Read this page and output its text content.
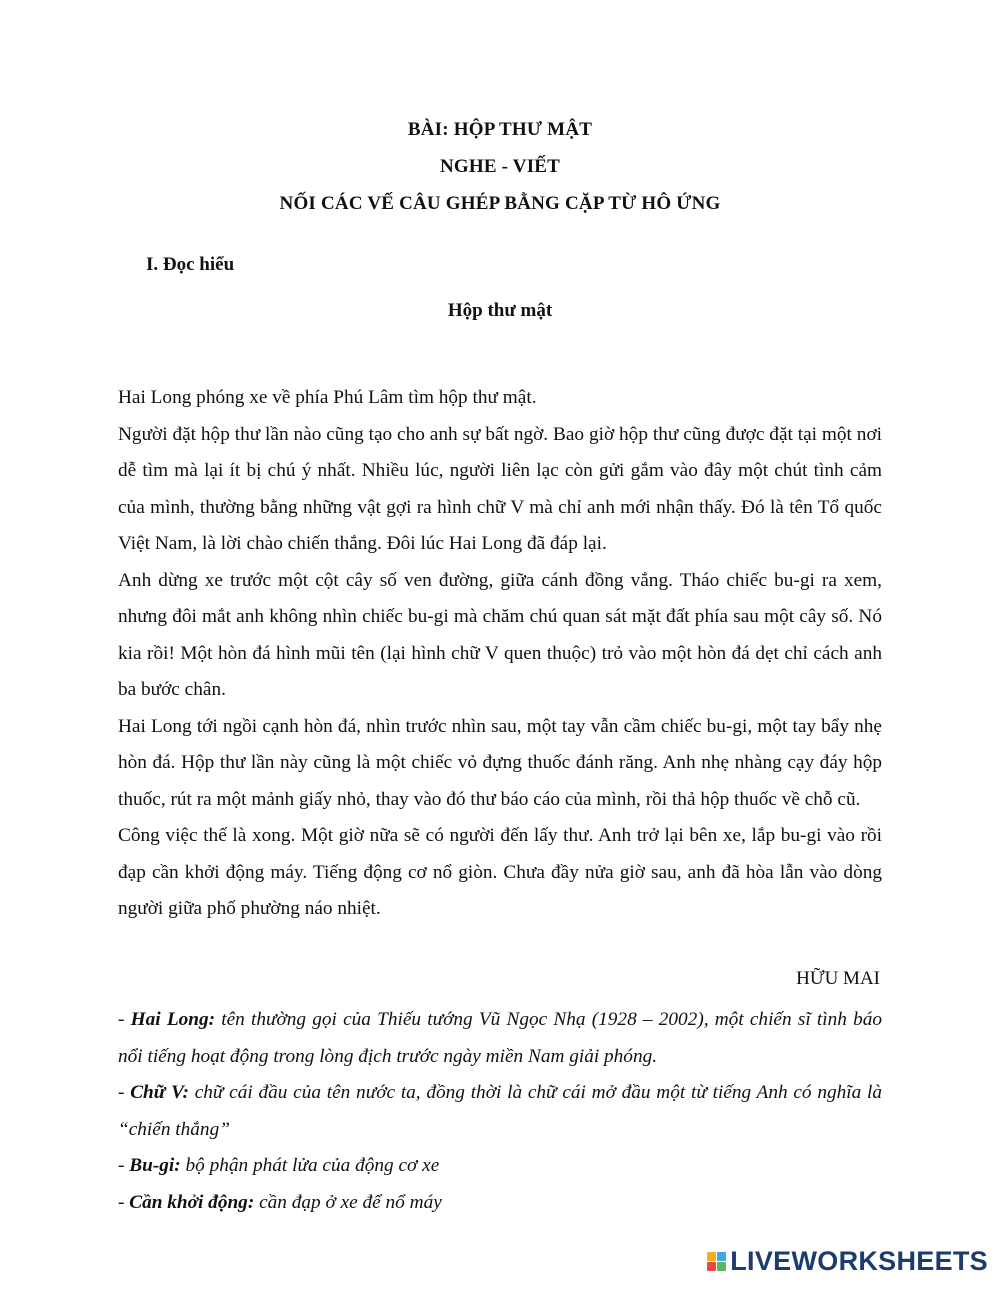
BÀI: HỘP THƯ MẬT
NGHE - VIẾT
NỐI CÁC VẾ CÂU GHÉP BẰNG CẶP TỪ HÔ ỨNG
I. Đọc hiểu
Hộp thư mật

Hai Long phóng xe về phía Phú Lâm tìm hộp thư mật.

Người đặt hộp thư lần nào cũng tạo cho anh sự bất ngờ. Bao giờ hộp thư cũng được đặt tại một nơi dễ tìm mà lại ít bị chú ý nhất. Nhiều lúc, người liên lạc còn gửi gắm vào đây một chút tình cảm của mình, thường bằng những vật gợi ra hình chữ V mà chỉ anh mới nhận thấy. Đó là tên Tổ quốc Việt Nam, là lời chào chiến thắng. Đôi lúc Hai Long đã đáp lại.

Anh dừng xe trước một cột cây số ven đường, giữa cánh đồng vắng. Tháo chiếc bu-gi ra xem, nhưng đôi mắt anh không nhìn chiếc bu-gi mà chăm chú quan sát mặt đất phía sau một cây số. Nó kia rồi! Một hòn đá hình mũi tên (lại hình chữ V quen thuộc) trỏ vào một hòn đá dẹt chỉ cách anh ba bước chân.

Hai Long tới ngồi cạnh hòn đá, nhìn trước nhìn sau, một tay vẫn cầm chiếc bu-gi, một tay bẩy nhẹ hòn đá. Hộp thư lần này cũng là một chiếc vỏ đựng thuốc đánh răng. Anh nhẹ nhàng cạy đáy hộp thuốc, rút ra một mảnh giấy nhỏ, thay vào đó thư báo cáo của mình, rồi thả hộp thuốc về chỗ cũ.

Công việc thế là xong. Một giờ nữa sẽ có người đến lấy thư. Anh trở lại bên xe, lắp bu-gi vào rồi đạp cần khởi động máy. Tiếng động cơ nổ giòn. Chưa đầy nửa giờ sau, anh đã hòa lẫn vào dòng người giữa phố phường náo nhiệt.

HỮU MAI

- Hai Long: tên thường gọi của Thiếu tướng Vũ Ngọc Nhạ (1928 – 2002), một chiến sĩ tình báo nổi tiếng hoạt động trong lòng địch trước ngày miền Nam giải phóng.

- Chữ V: chữ cái đầu của tên nước ta, đồng thời là chữ cái mở đầu một từ tiếng Anh có nghĩa là “chiến thắng”

- Bu-gi: bộ phận phát lửa của động cơ xe

- Cần khởi động: cần đạp ở xe để nổ máy

LIVEWORKSHEETS
